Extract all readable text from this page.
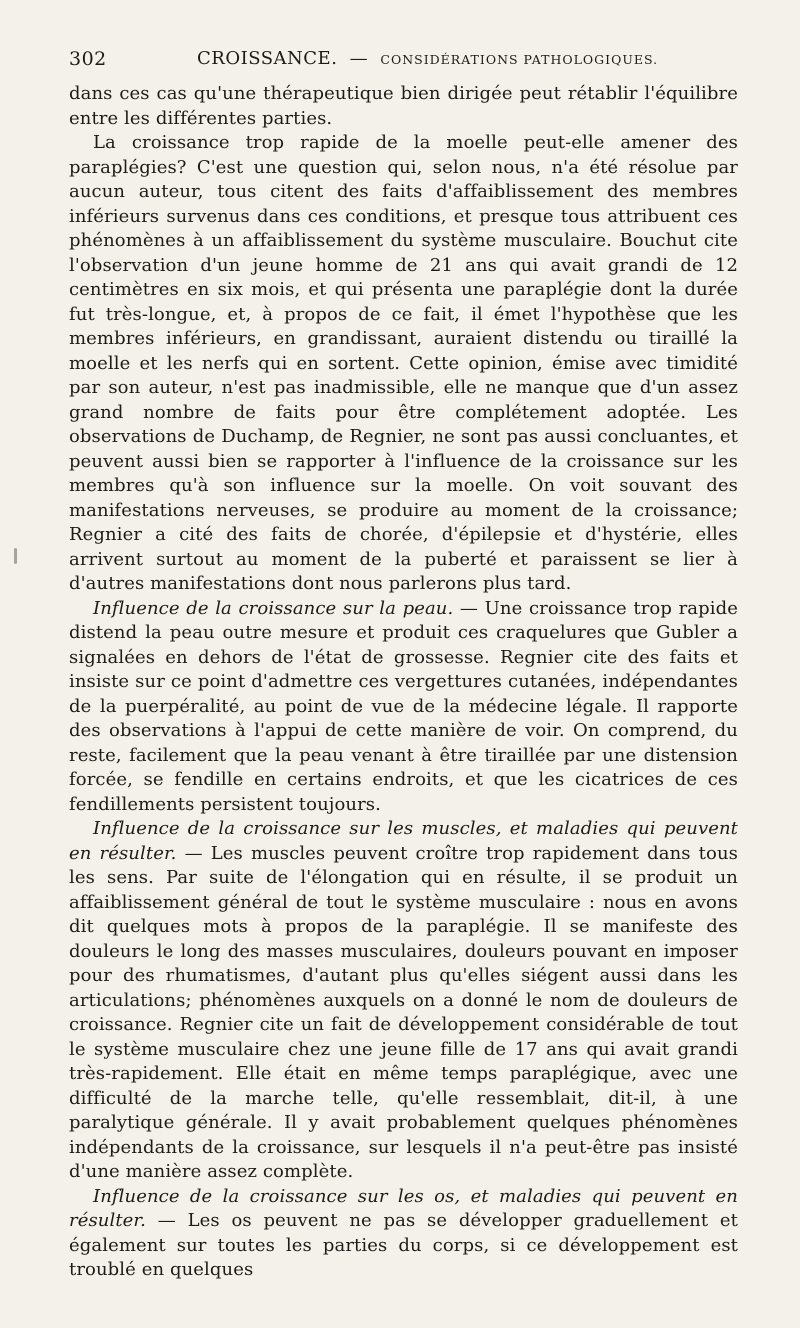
302	CROISSANCE. — CONSIDÉRATIONS PATHOLOGIQUES.

dans ces cas qu'une thérapeutique bien dirigée peut rétablir l'équilibre entre les différentes parties.

La croissance trop rapide de la moelle peut-elle amener des paraplégies? C'est une question qui, selon nous, n'a été résolue par aucun auteur, tous citent des faits d'affaiblissement des membres inférieurs survenus dans ces conditions, et presque tous attribuent ces phénomènes à un affaiblissement du système musculaire. Bouchut cite l'observation d'un jeune homme de 21 ans qui avait grandi de 12 centimètres en six mois, et qui présenta une paraplégie dont la durée fut très-longue, et, à propos de ce fait, il émet l'hypothèse que les membres inférieurs, en grandissant, auraient distendu ou tiraillé la moelle et les nerfs qui en sortent. Cette opinion, émise avec timidité par son auteur, n'est pas inadmissible, elle ne manque que d'un assez grand nombre de faits pour être complétement adoptée. Les observations de Duchamp, de Regnier, ne sont pas aussi concluantes, et peuvent aussi bien se rapporter à l'influence de la croissance sur les membres qu'à son influence sur la moelle. On voit souvant des manifestations nerveuses, se produire au moment de la croissance; Regnier a cité des faits de chorée, d'épilepsie et d'hystérie, elles arrivent surtout au moment de la puberté et paraissent se lier à d'autres manifestations dont nous parlerons plus tard.

Influence de la croissance sur la peau. — Une croissance trop rapide distend la peau outre mesure et produit ces craquelures que Gubler a signalées en dehors de l'état de grossesse. Regnier cite des faits et insiste sur ce point d'admettre ces vergettures cutanées, indépendantes de la puerpéralité, au point de vue de la médecine légale. Il rapporte des observations à l'appui de cette manière de voir. On comprend, du reste, facilement que la peau venant à être tiraillée par une distension forcée, se fendille en certains endroits, et que les cicatrices de ces fendillements persistent toujours.

Influence de la croissance sur les muscles, et maladies qui peuvent en résulter. — Les muscles peuvent croître trop rapidement dans tous les sens. Par suite de l'élongation qui en résulte, il se produit un affaiblissement général de tout le système musculaire : nous en avons dit quelques mots à propos de la paraplégie. Il se manifeste des douleurs le long des masses musculaires, douleurs pouvant en imposer pour des rhumatismes, d'autant plus qu'elles siégent aussi dans les articulations; phénomènes auxquels on a donné le nom de douleurs de croissance. Regnier cite un fait de développement considérable de tout le système musculaire chez une jeune fille de 17 ans qui avait grandi très-rapidement. Elle était en même temps paraplégique, avec une difficulté de la marche telle, qu'elle ressemblait, dit-il, à une paralytique générale. Il y avait probablement quelques phénomènes indépendants de la croissance, sur lesquels il n'a peut-être pas insisté d'une manière assez complète.

Influence de la croissance sur les os, et maladies qui peuvent en résulter. — Les os peuvent ne pas se développer graduellement et également sur toutes les parties du corps, si ce développement est troublé en quelques
